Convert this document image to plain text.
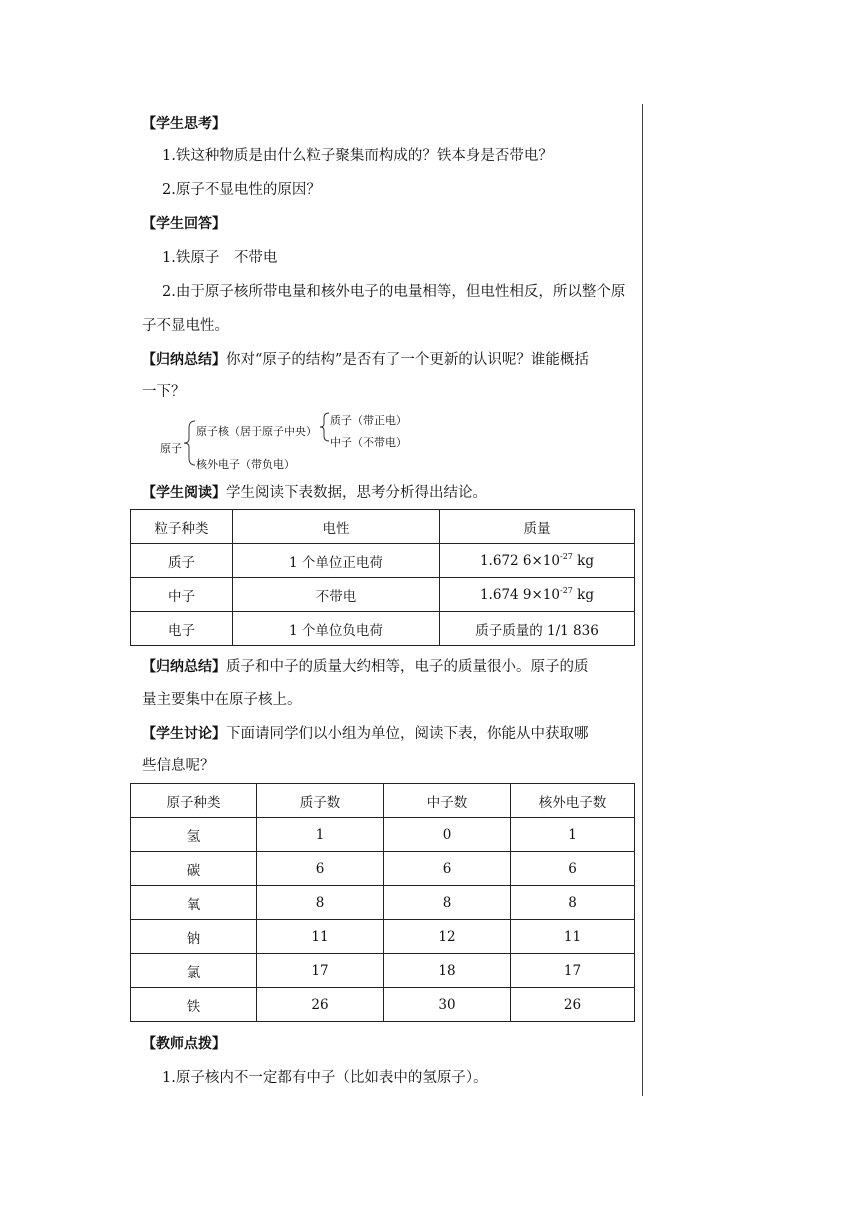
【学生思考】
1.铁这种物质是由什么粒子聚集而构成的？铁本身是否带电？
2.原子不显电性的原因？
【学生回答】
1.铁原子　不带电
2.由于原子核所带电量和核外电子的电量相等，但电性相反，所以整个原
子不显电性。
【归纳总结】你对“原子的结构”是否有了一个更新的认识呢？谁能概括
一下？
原子
原子核（居于原子中央）
质子（带正电）
中子（不带电）
核外电子（带负电）
【学生阅读】学生阅读下表数据，思考分析得出结论。
粒子种类	电性	质量
质子	1 个单位正电荷	1.672 $6\times 10^{-27}$ kg
中子	不带电	1.674 $9\times 10^{-27}$ kg
电子	1 个单位负电荷	质子质量的 1/1 836
【归纳总结】质子和中子的质量大约相等，电子的质量很小。原子的质
量主要集中在原子核上。
【学生讨论】下面请同学们以小组为单位，阅读下表，你能从中获取哪
些信息呢？
原子种类	质子数	中子数	核外电子数
氢	1	0	1
碳	6	6	6
氧	8	8	8
钠	11	12	11
氯	17	18	17
铁	26	30	26
【教师点拨】
1.原子核内不一定都有中子（比如表中的氢原子）。
